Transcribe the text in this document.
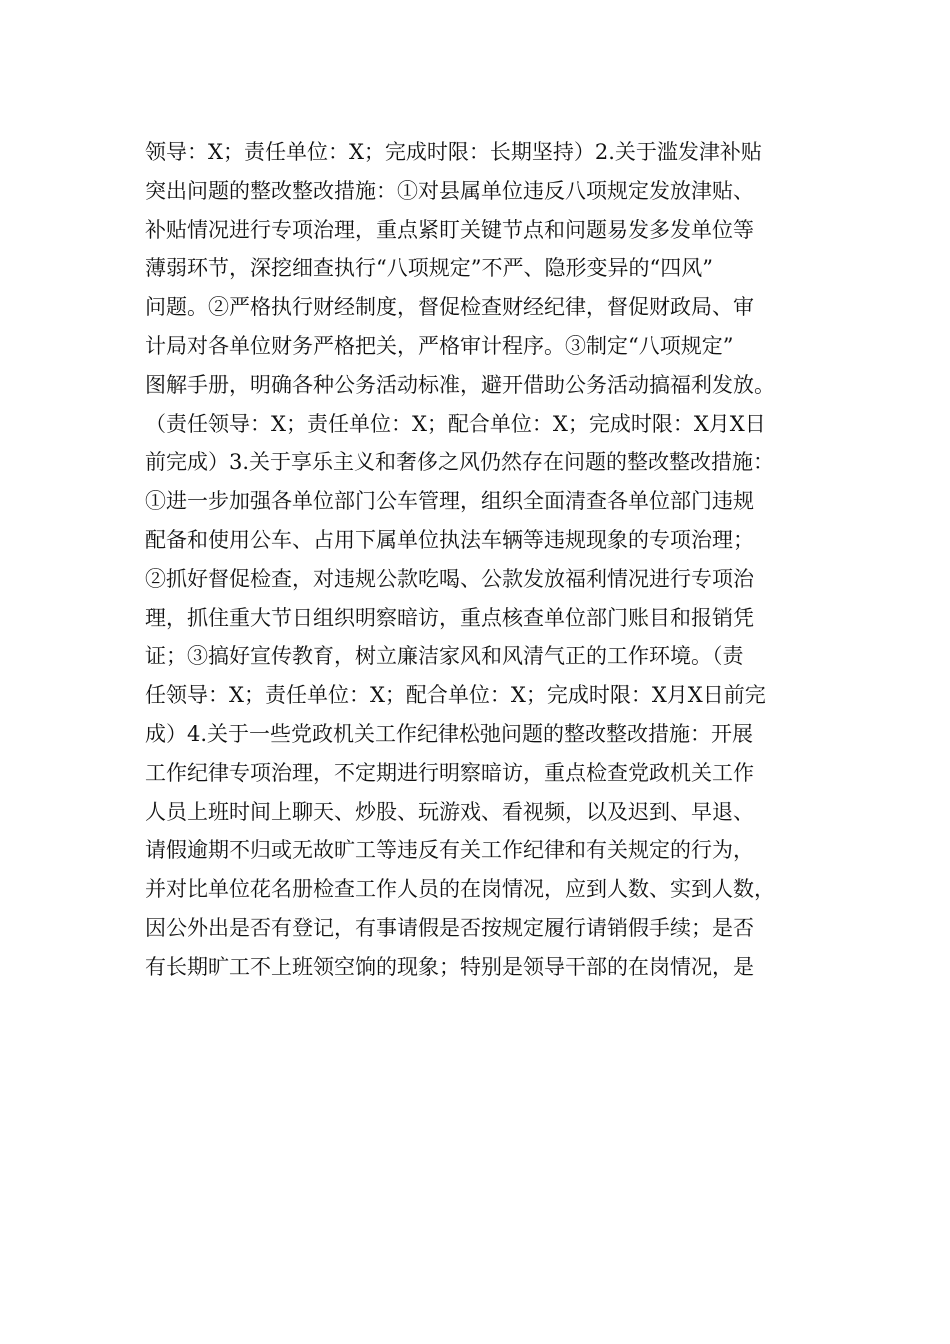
领导：X；责任单位：X；完成时限：长期坚持）2.关于滥发津补贴
突出问题的整改整改措施：①对县属单位违反八项规定发放津贴、
补贴情况进行专项治理，重点紧盯关键节点和问题易发多发单位等
薄弱环节，深挖细查执行“八项规定”不严、隐形变异的“四风”
问题。②严格执行财经制度，督促检查财经纪律，督促财政局、审
计局对各单位财务严格把关，严格审计程序。③制定“八项规定”
图解手册，明确各种公务活动标准，避开借助公务活动搞福利发放。
（责任领导：X；责任单位：X；配合单位：X；完成时限：X月X日
前完成）3.关于享乐主义和奢侈之风仍然存在问题的整改整改措施：
①进一步加强各单位部门公车管理，组织全面清查各单位部门违规
配备和使用公车、占用下属单位执法车辆等违规现象的专项治理；
②抓好督促检查，对违规公款吃喝、公款发放福利情况进行专项治
理，抓住重大节日组织明察暗访，重点核查单位部门账目和报销凭
证；③搞好宣传教育，树立廉洁家风和风清气正的工作环境。（责
任领导：X；责任单位：X；配合单位：X；完成时限：X月X日前完
成）4.关于一些党政机关工作纪律松弛问题的整改整改措施：开展
工作纪律专项治理，不定期进行明察暗访，重点检查党政机关工作
人员上班时间上聊天、炒股、玩游戏、看视频，以及迟到、早退、
请假逾期不归或无故旷工等违反有关工作纪律和有关规定的行为，
并对比单位花名册检查工作人员的在岗情况，应到人数、实到人数，
因公外出是否有登记，有事请假是否按规定履行请销假手续；是否
有长期旷工不上班领空饷的现象；特别是领导干部的在岗情况，是
